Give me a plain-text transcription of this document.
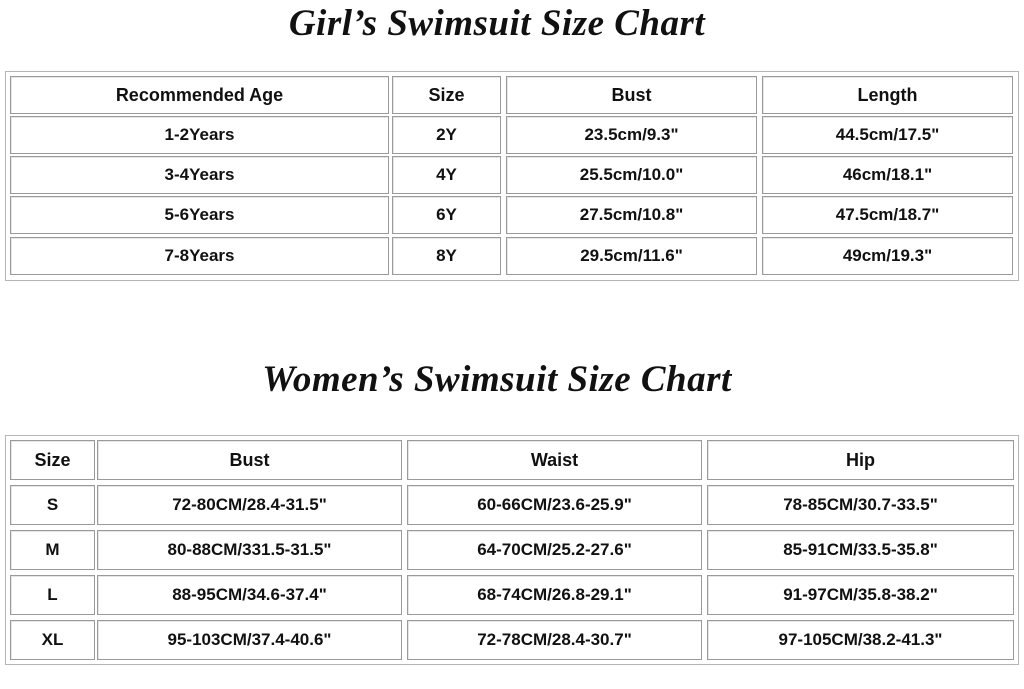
Girl’s Swimsuit Size Chart
Recommended Age	Size	Bust	Length
1-2Years	2Y	23.5cm/9.3"	44.5cm/17.5"
3-4Years	4Y	25.5cm/10.0"	46cm/18.1"
5-6Years	6Y	27.5cm/10.8"	47.5cm/18.7"
7-8Years	8Y	29.5cm/11.6"	49cm/19.3"
Women’s Swimsuit Size Chart
Size	Bust	Waist	Hip
S	72-80CM/28.4-31.5"	60-66CM/23.6-25.9"	78-85CM/30.7-33.5"
M	80-88CM/331.5-31.5"	64-70CM/25.2-27.6"	85-91CM/33.5-35.8"
L	88-95CM/34.6-37.4"	68-74CM/26.8-29.1"	91-97CM/35.8-38.2"
XL	95-103CM/37.4-40.6"	72-78CM/28.4-30.7"	97-105CM/38.2-41.3"
